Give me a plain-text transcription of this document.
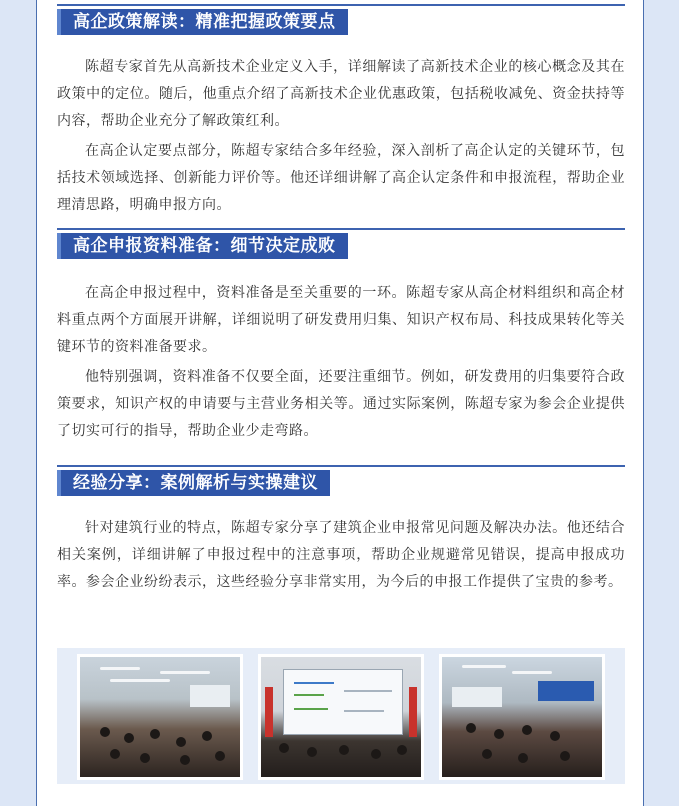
高企政策解读：精准把握政策要点

陈超专家首先从高新技术企业定义入手，详细解读了高新技术企业的核心概念及其在政策中的定位。随后，他重点介绍了高新技术企业优惠政策，包括税收减免、资金扶持等内容，帮助企业充分了解政策红利。

在高企认定要点部分，陈超专家结合多年经验，深入剖析了高企认定的关键环节，包括技术领域选择、创新能力评价等。他还详细讲解了高企认定条件和申报流程，帮助企业理清思路，明确申报方向。

高企申报资料准备：细节决定成败

在高企申报过程中，资料准备是至关重要的一环。陈超专家从高企材料组织和高企材料重点两个方面展开讲解，详细说明了研发费用归集、知识产权布局、科技成果转化等关键环节的资料准备要求。

他特别强调，资料准备不仅要全面，还要注重细节。例如，研发费用的归集要符合政策要求，知识产权的申请要与主营业务相关等。通过实际案例，陈超专家为参会企业提供了切实可行的指导，帮助企业少走弯路。

经验分享：案例解析与实操建议

针对建筑行业的特点，陈超专家分享了建筑企业申报常见问题及解决办法。他还结合相关案例，详细讲解了申报过程中的注意事项，帮助企业规避常见错误，提高申报成功率。参会企业纷纷表示，这些经验分享非常实用，为今后的申报工作提供了宝贵的参考。
